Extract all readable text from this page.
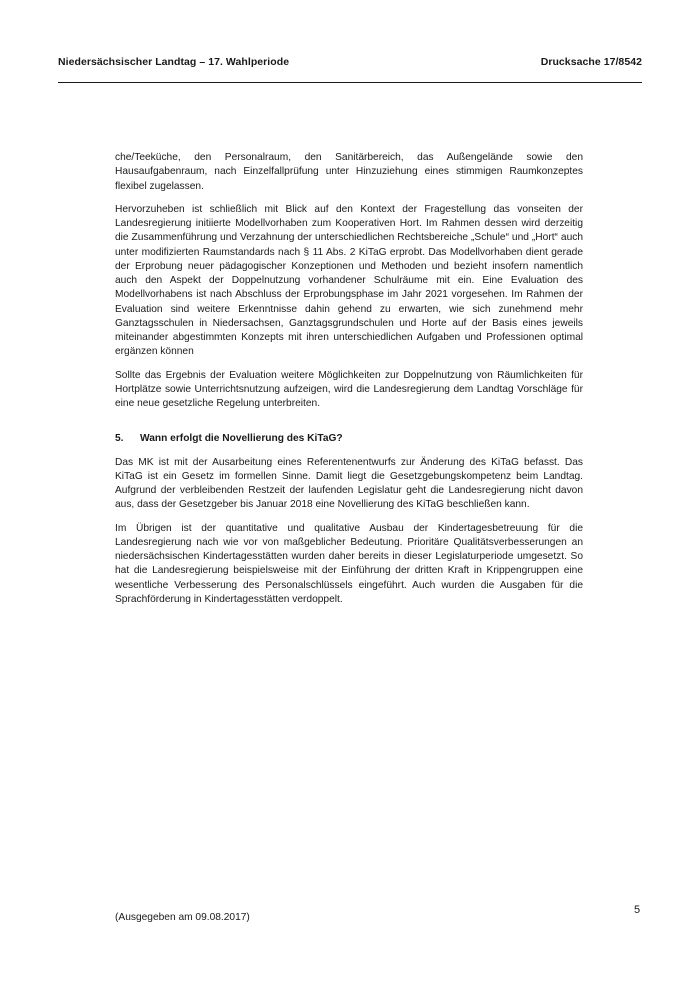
Niedersächsischer Landtag – 17. Wahlperiode	Drucksache 17/8542

che/Teeküche, den Personalraum, den Sanitärbereich, das Außengelände sowie den Hausaufgabenraum, nach Einzelfallprüfung unter Hinzuziehung eines stimmigen Raumkonzeptes flexibel zugelassen.

Hervorzuheben ist schließlich mit Blick auf den Kontext der Fragestellung das vonseiten der Landesregierung initiierte Modellvorhaben zum Kooperativen Hort. Im Rahmen dessen wird derzeitig die Zusammenführung und Verzahnung der unterschiedlichen Rechtsbereiche „Schule“ und „Hort“ auch unter modifizierten Raumstandards nach § 11 Abs. 2 KiTaG erprobt. Das Modellvorhaben dient gerade der Erprobung neuer pädagogischer Konzeptionen und Methoden und bezieht insofern namentlich auch den Aspekt der Doppelnutzung vorhandener Schulräume mit ein. Eine Evaluation des Modellvorhabens ist nach Abschluss der Erprobungsphase im Jahr 2021 vorgesehen. Im Rahmen der Evaluation sind weitere Erkenntnisse dahin gehend zu erwarten, wie sich zunehmend mehr Ganztagsschulen in Niedersachsen, Ganztagsgrundschulen und Horte auf der Basis eines jeweils miteinander abgestimmten Konzepts mit ihren unterschiedlichen Aufgaben und Professionen optimal ergänzen können

Sollte das Ergebnis der Evaluation weitere Möglichkeiten zur Doppelnutzung von Räumlichkeiten für Hortplätze sowie Unterrichtsnutzung aufzeigen, wird die Landesregierung dem Landtag Vorschläge für eine neue gesetzliche Regelung unterbreiten.

5.	Wann erfolgt die Novellierung des KiTaG?

Das MK ist mit der Ausarbeitung eines Referentenentwurfs zur Änderung des KiTaG befasst. Das KiTaG ist ein Gesetz im formellen Sinne. Damit liegt die Gesetzgebungskompetenz beim Landtag. Aufgrund der verbleibenden Restzeit der laufenden Legislatur geht die Landesregierung nicht davon aus, dass der Gesetzgeber bis Januar 2018 eine Novellierung des KiTaG beschließen kann.

Im Übrigen ist der quantitative und qualitative Ausbau der Kindertagesbetreuung für die Landesregierung nach wie vor von maßgeblicher Bedeutung. Prioritäre Qualitätsverbesserungen an niedersächsischen Kindertagesstätten wurden daher bereits in dieser Legislaturperiode umgesetzt. So hat die Landesregierung beispielsweise mit der Einführung der dritten Kraft in Krippengruppen eine wesentliche Verbesserung des Personalschlüssels eingeführt. Auch wurden die Ausgaben für die Sprachförderung in Kindertagesstätten verdoppelt.

5
(Ausgegeben am 09.08.2017)
